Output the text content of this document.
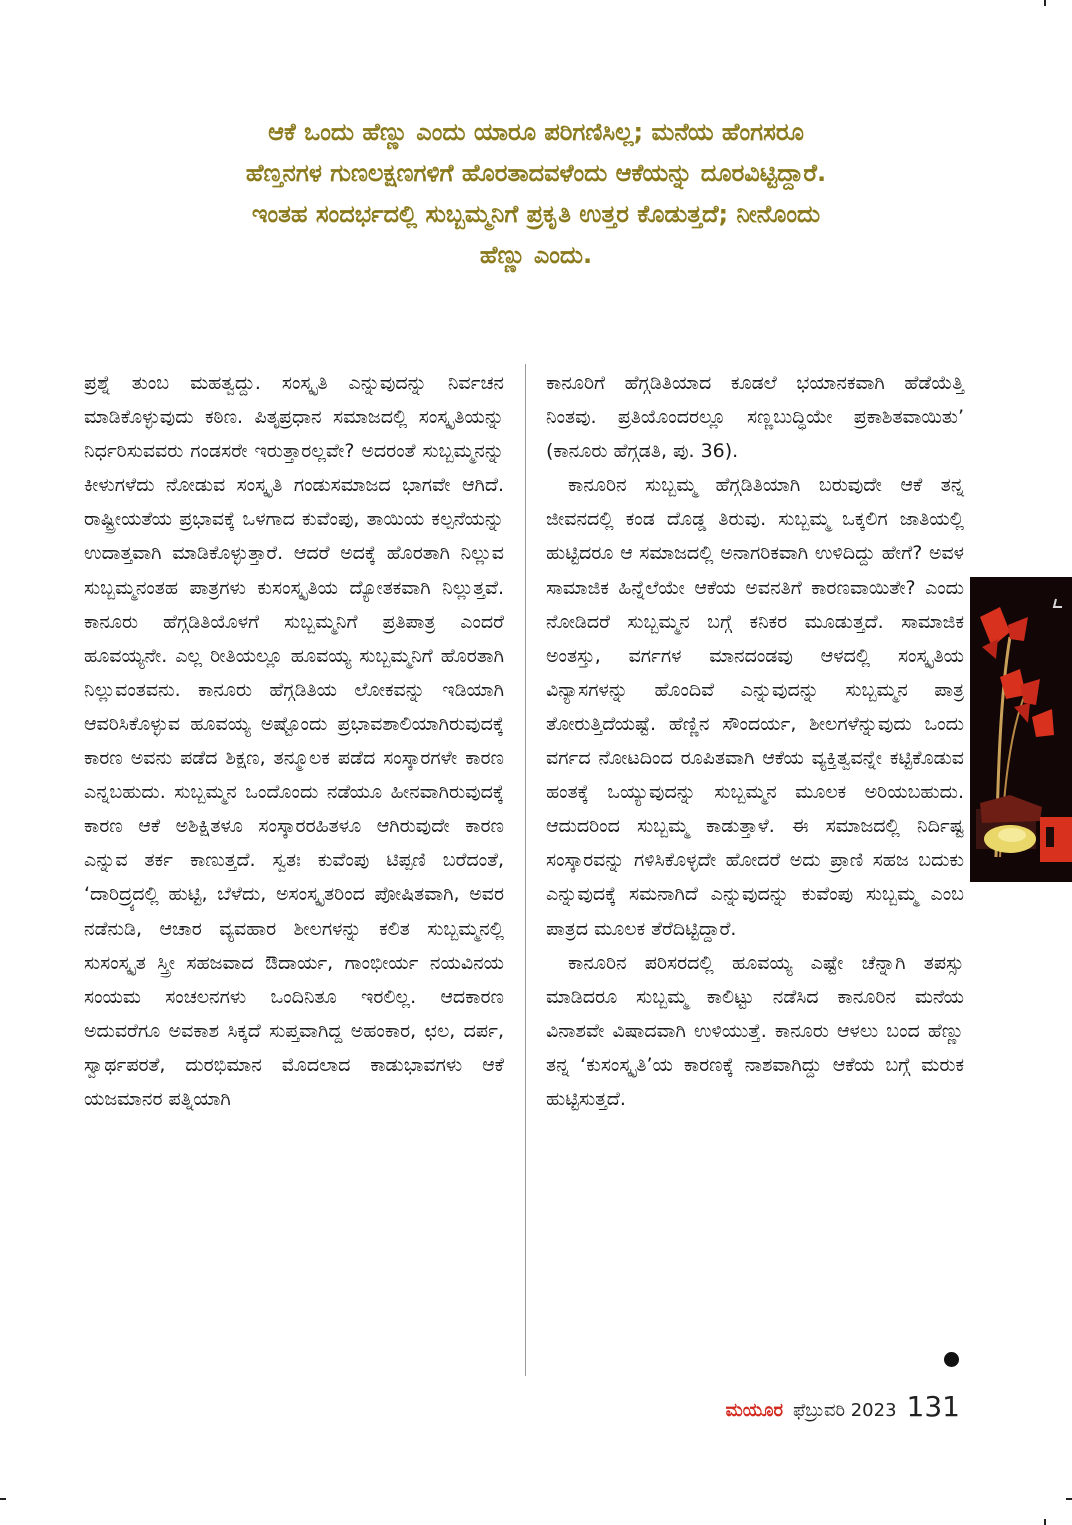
ಆಕೆ ಒಂದು ಹೆಣ್ಣು ಎಂದು ಯಾರೂ ಪರಿಗಣಿಸಿಲ್ಲ; ಮನೆಯ ಹೆಂಗಸರೂ
ಹೆಣ್ತನಗಳ ಗುಣಲಕ್ಷಣಗಳಿಗೆ ಹೊರತಾದವಳೆಂದು ಆಕೆಯನ್ನು ದೂರವಿಟ್ಟಿದ್ದಾರೆ.
ಇಂತಹ ಸಂದರ್ಭದಲ್ಲಿ ಸುಬ್ಬಮ್ಮನಿಗೆ ಪ್ರಕೃತಿ ಉತ್ತರ ಕೊಡುತ್ತದೆ; ನೀನೊಂದು
ಹೆಣ್ಣು ಎಂದು.

ಪ್ರಶ್ನೆ ತುಂಬ ಮಹತ್ವದ್ದು. ಸಂಸ್ಕೃತಿ ಎನ್ನುವುದನ್ನು ನಿರ್ವಚನ ಮಾಡಿಕೊಳ್ಳುವುದು ಕಠಿಣ. ಪಿತೃಪ್ರಧಾನ ಸಮಾಜದಲ್ಲಿ ಸಂಸ್ಕೃತಿಯನ್ನು ನಿರ್ಧರಿಸುವವರು ಗಂಡಸರೇ ಇರುತ್ತಾರಲ್ಲವೇ? ಅದರಂತೆ ಸುಬ್ಬಮ್ಮನನ್ನು ಕೀಳುಗಳೆದು ನೋಡುವ ಸಂಸ್ಕೃತಿ ಗಂಡುಸಮಾಜದ ಭಾಗವೇ ಆಗಿದೆ. ರಾಷ್ಟ್ರೀಯತೆಯ ಪ್ರಭಾವಕ್ಕೆ ಒಳಗಾದ ಕುವೆಂಪು, ತಾಯಿಯ ಕಲ್ಪನೆಯನ್ನು ಉದಾತ್ತವಾಗಿ ಮಾಡಿಕೊಳ್ಳುತ್ತಾರೆ. ಆದರೆ ಅದಕ್ಕೆ ಹೊರತಾಗಿ ನಿಲ್ಲುವ ಸುಬ್ಬಮ್ಮನಂತಹ ಪಾತ್ರಗಳು ಕುಸಂಸ್ಕೃತಿಯ ದ್ಯೋತಕವಾಗಿ ನಿಲ್ಲುತ್ತವೆ. ಕಾನೂರು ಹೆಗ್ಗಡಿತಿಯೊಳಗೆ ಸುಬ್ಬಮ್ಮನಿಗೆ ಪ್ರತಿಪಾತ್ರ ಎಂದರೆ ಹೂವಯ್ಯನೇ. ಎಲ್ಲ ರೀತಿಯಲ್ಲೂ ಹೂವಯ್ಯ ಸುಬ್ಬಮ್ಮನಿಗೆ ಹೊರತಾಗಿ ನಿಲ್ಲುವಂತವನು. ಕಾನೂರು ಹೆಗ್ಗಡಿತಿಯ ಲೋಕವನ್ನು ಇಡಿಯಾಗಿ ಆವರಿಸಿಕೊಳ್ಳುವ ಹೂವಯ್ಯ ಅಷ್ಟೊಂದು ಪ್ರಭಾವಶಾಲಿಯಾಗಿರುವುದಕ್ಕೆ ಕಾರಣ ಅವನು ಪಡೆದ ಶಿಕ್ಷಣ, ತನ್ಮೂಲಕ ಪಡೆದ ಸಂಸ್ಕಾರಗಳೇ ಕಾರಣ ಎನ್ನಬಹುದು. ಸುಬ್ಬಮ್ಮನ ಒಂದೊಂದು ನಡೆಯೂ ಹೀನವಾಗಿರುವುದಕ್ಕೆ ಕಾರಣ ಆಕೆ ಅಶಿಕ್ಷಿತಳೂ ಸಂಸ್ಕಾರರಹಿತಳೂ ಆಗಿರುವುದೇ ಕಾರಣ ಎನ್ನುವ ತರ್ಕ ಕಾಣುತ್ತದೆ. ಸ್ವತಃ ಕುವೆಂಪು ಟಿಪ್ಪಣಿ ಬರೆದಂತೆ, ‘ದಾರಿದ್ರ್ಯದಲ್ಲಿ ಹುಟ್ಟಿ, ಬೆಳೆದು, ಅಸಂಸ್ಕೃತರಿಂದ ಪೋಷಿತವಾಗಿ, ಅವರ ನಡೆನುಡಿ, ಆಚಾರ ವ್ಯವಹಾರ ಶೀಲಗಳನ್ನು ಕಲಿತ ಸುಬ್ಬಮ್ಮನಲ್ಲಿ ಸುಸಂಸ್ಕೃತ ಸ್ತ್ರೀ ಸಹಜವಾದ ಔದಾರ್ಯ, ಗಾಂಭೀರ್ಯ ನಯವಿನಯ ಸಂಯಮ ಸಂಚಲನಗಳು ಒಂದಿನಿತೂ ಇರಲಿಲ್ಲ. ಆದಕಾರಣ ಅದುವರೆಗೂ ಅವಕಾಶ ಸಿಕ್ಕದೆ ಸುಪ್ತವಾಗಿದ್ದ ಅಹಂಕಾರ, ಛಲ, ದರ್ಪ, ಸ್ವಾರ್ಥಪರತೆ, ದುರಭಿಮಾನ ಮೊದಲಾದ ಕಾಡುಭಾವಗಳು ಆಕೆ ಯಜಮಾನರ ಪತ್ನಿಯಾಗಿ

ಕಾನೂರಿಗೆ ಹೆಗ್ಗಡಿತಿಯಾದ ಕೂಡಲೆ ಭಯಾನಕವಾಗಿ ಹೆಡೆಯೆತ್ತಿ ನಿಂತವು. ಪ್ರತಿಯೊಂದರಲ್ಲೂ ಸಣ್ಣಬುದ್ಧಿಯೇ ಪ್ರಕಾಶಿತವಾಯಿತು’ (ಕಾನೂರು ಹೆಗ್ಗಡತಿ, ಪು. 36).

ಕಾನೂರಿನ ಸುಬ್ಬಮ್ಮ ಹೆಗ್ಗಡಿತಿಯಾಗಿ ಬರುವುದೇ ಆಕೆ ತನ್ನ ಜೀವನದಲ್ಲಿ ಕಂಡ ದೊಡ್ಡ ತಿರುವು. ಸುಬ್ಬಮ್ಮ ಒಕ್ಕಲಿಗ ಜಾತಿಯಲ್ಲಿ ಹುಟ್ಟಿದರೂ ಆ ಸಮಾಜದಲ್ಲಿ ಅನಾಗರಿಕವಾಗಿ ಉಳಿದಿದ್ದು ಹೇಗೆ? ಅವಳ ಸಾಮಾಜಿಕ ಹಿನ್ನೆಲೆಯೇ ಆಕೆಯ ಅವನತಿಗೆ ಕಾರಣವಾಯಿತೇ? ಎಂದು ನೋಡಿದರೆ ಸುಬ್ಬಮ್ಮನ ಬಗ್ಗೆ ಕನಿಕರ ಮೂಡುತ್ತದೆ. ಸಾಮಾಜಿಕ ಅಂತಸ್ತು, ವರ್ಗಗಳ ಮಾನದಂಡವು ಆಳದಲ್ಲಿ ಸಂಸ್ಕೃತಿಯ ವಿನ್ಯಾಸಗಳನ್ನು ಹೊಂದಿವೆ ಎನ್ನುವುದನ್ನು ಸುಬ್ಬಮ್ಮನ ಪಾತ್ರ ತೋರುತ್ತಿದೆಯಷ್ಟೆ. ಹೆಣ್ಣಿನ ಸೌಂದರ್ಯ, ಶೀಲಗಳೆನ್ನುವುದು ಒಂದು ವರ್ಗದ ನೋಟದಿಂದ ರೂಪಿತವಾಗಿ ಆಕೆಯ ವ್ಯಕ್ತಿತ್ವವನ್ನೇ ಕಟ್ಟಿಕೊಡುವ ಹಂತಕ್ಕೆ ಒಯ್ಯುವುದನ್ನು ಸುಬ್ಬಮ್ಮನ ಮೂಲಕ ಅರಿಯಬಹುದು. ಆದುದರಿಂದ ಸುಬ್ಬಮ್ಮ ಕಾಡುತ್ತಾಳೆ. ಈ ಸಮಾಜದಲ್ಲಿ ನಿರ್ದಿಷ್ಟ ಸಂಸ್ಕಾರವನ್ನು ಗಳಿಸಿಕೊಳ್ಳದೇ ಹೋದರೆ ಅದು ಪ್ರಾಣಿ ಸಹಜ ಬದುಕು ಎನ್ನುವುದಕ್ಕೆ ಸಮನಾಗಿದೆ ಎನ್ನುವುದನ್ನು ಕುವೆಂಪು ಸುಬ್ಬಮ್ಮ ಎಂಬ ಪಾತ್ರದ ಮೂಲಕ ತೆರೆದಿಟ್ಟಿದ್ದಾರೆ.

ಕಾನೂರಿನ ಪರಿಸರದಲ್ಲಿ ಹೂವಯ್ಯ ಎಷ್ಟೇ ಚೆನ್ನಾಗಿ ತಪಸ್ಸು ಮಾಡಿದರೂ ಸುಬ್ಬಮ್ಮ ಕಾಲಿಟ್ಟು ನಡೆಸಿದ ಕಾನೂರಿನ ಮನೆಯ ವಿನಾಶವೇ ವಿಷಾದವಾಗಿ ಉಳಿಯುತ್ತೆ. ಕಾನೂರು ಆಳಲು ಬಂದ ಹೆಣ್ಣು ತನ್ನ ‘ಕುಸಂಸ್ಕೃತಿ’ಯ ಕಾರಣಕ್ಕೆ ನಾಶವಾಗಿದ್ದು ಆಕೆಯ ಬಗ್ಗೆ ಮರುಕ ಹುಟ್ಟಿಸುತ್ತದೆ.

ಮಯೂರ ಫೆಬ್ರುವರಿ 2023 131
